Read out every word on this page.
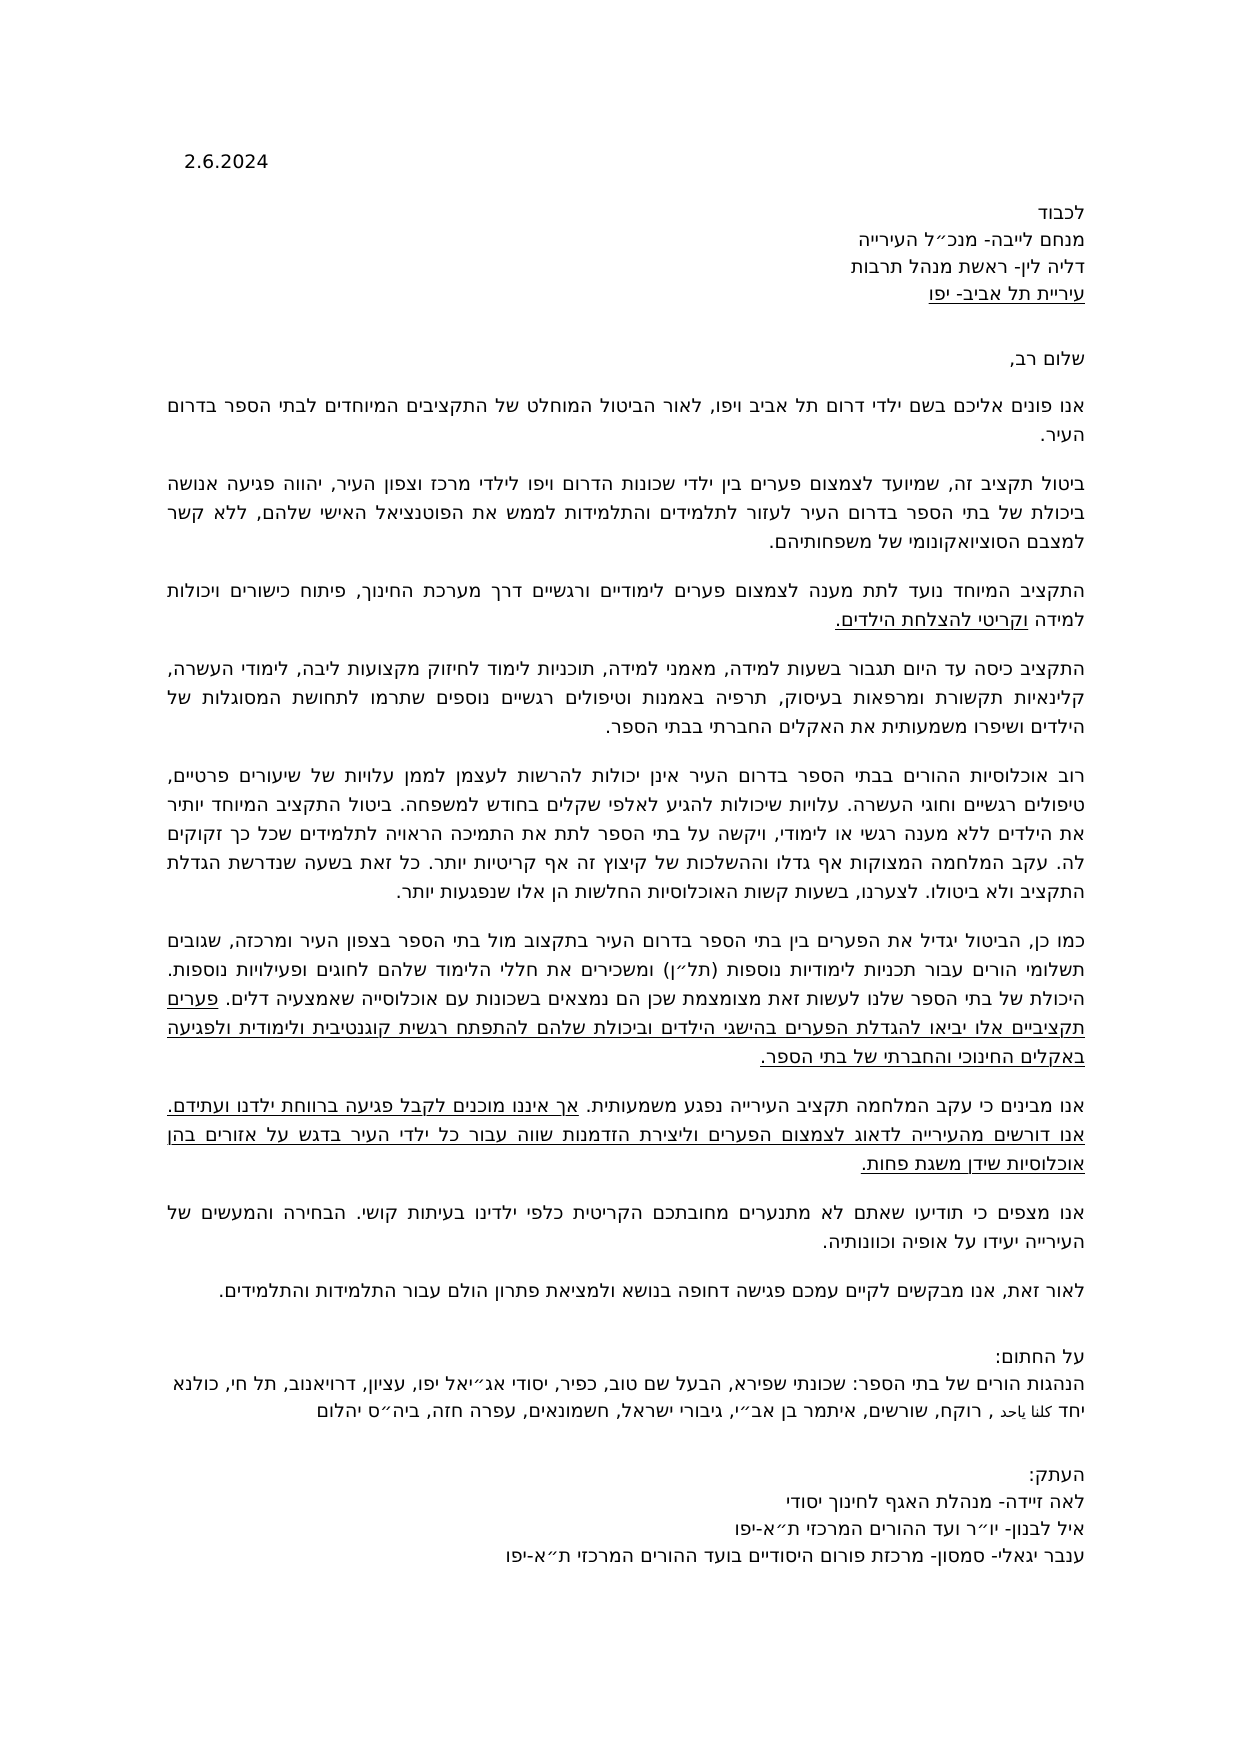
2.6.2024
לכבוד
מנחם לייבה- מנכ״ל העירייה
דליה לין- ראשת מנהל תרבות
עיריית תל אביב- יפו
שלום רב,

אנו פונים אליכם בשם ילדי דרום תל אביב ויפו, לאור הביטול המוחלט של התקציבים המיוחדים לבתי הספר בדרום העיר.

ביטול תקציב זה, שמיועד לצמצום פערים בין ילדי שכונות הדרום ויפו לילדי מרכז וצפון העיר, יהווה פגיעה אנושה ביכולת של בתי הספר בדרום העיר לעזור לתלמידים והתלמידות לממש את הפוטנציאל האישי שלהם, ללא קשר למצבם הסוציואקונומי של משפחותיהם.

התקציב המיוחד נועד לתת מענה לצמצום פערים לימודיים ורגשיים דרך מערכת החינוך, פיתוח כישורים ויכולות למידה וקריטי להצלחת הילדים.

התקציב כיסה עד היום תגבור בשעות למידה, מאמני למידה, תוכניות לימוד לחיזוק מקצועות ליבה, לימודי העשרה, קלינאיות תקשורת ומרפאות בעיסוק, תרפיה באמנות וטיפולים רגשיים נוספים שתרמו לתחושת המסוגלות של הילדים ושיפרו משמעותית את האקלים החברתי בבתי הספר.

רוב אוכלוסיות ההורים בבתי הספר בדרום העיר אינן יכולות להרשות לעצמן לממן עלויות של שיעורים פרטיים, טיפולים רגשיים וחוגי העשרה. עלויות שיכולות להגיע לאלפי שקלים בחודש למשפחה. ביטול התקציב המיוחד יותיר את הילדים ללא מענה רגשי או לימודי, ויקשה על בתי הספר לתת את התמיכה הראויה לתלמידים שכל כך זקוקים לה. עקב המלחמה המצוקות אף גדלו וההשלכות של קיצוץ זה אף קריטיות יותר. כל זאת בשעה שנדרשת הגדלת התקציב ולא ביטולו. לצערנו, בשעות קשות האוכלוסיות החלשות הן אלו שנפגעות יותר.

כמו כן, הביטול יגדיל את הפערים בין בתי הספר בדרום העיר בתקצוב מול בתי הספר בצפון העיר ומרכזה, שגובים תשלומי הורים עבור תכניות לימודיות נוספות (תל״ן) ומשכירים את חללי הלימוד שלהם לחוגים ופעילויות נוספות. היכולת של בתי הספר שלנו לעשות זאת מצומצמת שכן הם נמצאים בשכונות עם אוכלוסייה שאמצעיה דלים. פערים תקציביים אלו יביאו להגדלת הפערים בהישגי הילדים וביכולת שלהם להתפתח רגשית קוגנטיבית ולימודית ולפגיעה באקלים החינוכי והחברתי של בתי הספר.

אנו מבינים כי עקב המלחמה תקציב העירייה נפגע משמעותית. אך איננו מוכנים לקבל פגיעה ברווחת ילדנו ועתידם. אנו דורשים מהעירייה לדאוג לצמצום הפערים וליצירת הזדמנות שווה עבור כל ילדי העיר בדגש על אזורים בהן אוכלוסיות שידן משגת פחות.

אנו מצפים כי תודיעו שאתם לא מתנערים מחובתכם הקריטית כלפי ילדינו בעיתות קושי. הבחירה והמעשים של העירייה יעידו על אופיה וכוונותיה.

לאור זאת, אנו מבקשים לקיים עמכם פגישה דחופה בנושא ולמציאת פתרון הולם עבור התלמידות והתלמידים.

על החתום:

הנהגות הורים של בתי הספר: שכונתי שפירא, הבעל שם טוב, כפיר, יסודי אג״יאל יפו, עציון, דרויאנוב, תל חי, כולנא יחד كلنا ياحد , רוקח, שורשים, איתמר בן אב״י, גיבורי ישראל, חשמונאים, עפרה חזה, ביה״ס יהלום

העתק:
לאה זיידה- מנהלת האגף לחינוך יסודי
איל לבנון- יו״ר ועד ההורים המרכזי ת״א-יפו
ענבר יגאלי- סמסון- מרכזת פורום היסודיים בועד ההורים המרכזי ת״א-יפו
